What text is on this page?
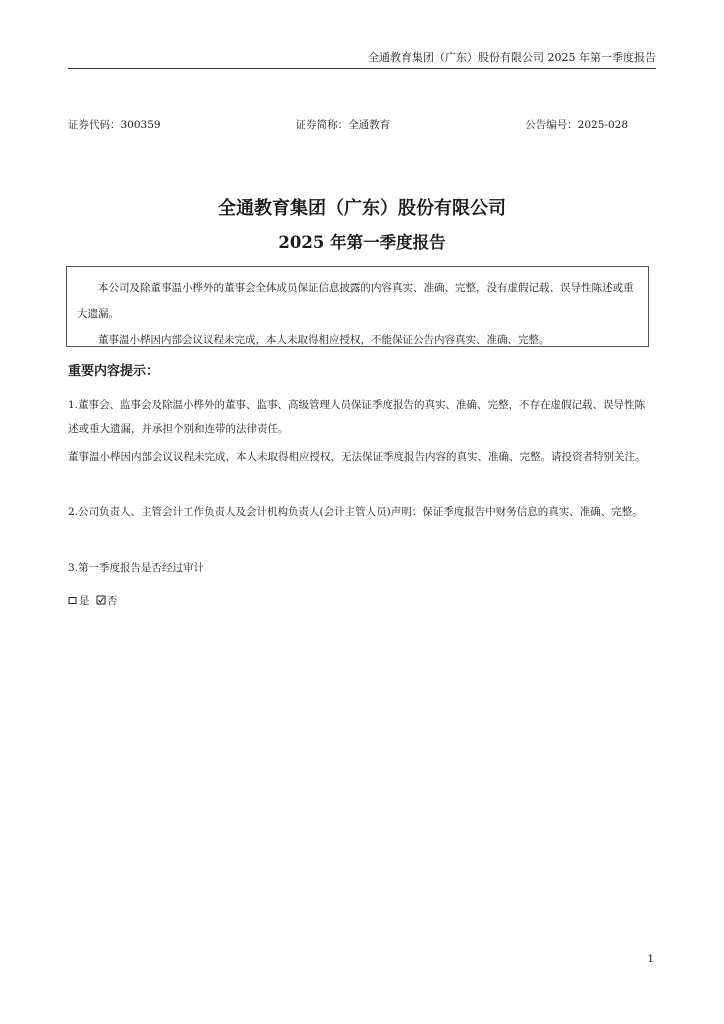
全通教育集团（广东）股份有限公司 2025 年第一季度报告
证券代码：300359	证券简称：全通教育	公告编号：2025-028
全通教育集团（广东）股份有限公司
2025 年第一季度报告

本公司及除董事温小桦外的董事会全体成员保证信息披露的内容真实、准确、完整，没有虚假记载、误导性陈述或重大遗漏。

董事温小桦因内部会议议程未完成，本人未取得相应授权，不能保证公告内容真实、准确、完整。

重要内容提示：

1.董事会、监事会及除温小桦外的董事、监事、高级管理人员保证季度报告的真实、准确、完整，不存在虚假记载、误导性陈述或重大遗漏，并承担个别和连带的法律责任。

董事温小桦因内部会议议程未完成，本人未取得相应授权，无法保证季度报告内容的真实、准确、完整。请投资者特别关注。

2.公司负责人、主管会计工作负责人及会计机构负责人(会计主管人员)声明：保证季度报告中财务信息的真实、准确、完整。

3.第一季度报告是否经过审计

是 否
1
